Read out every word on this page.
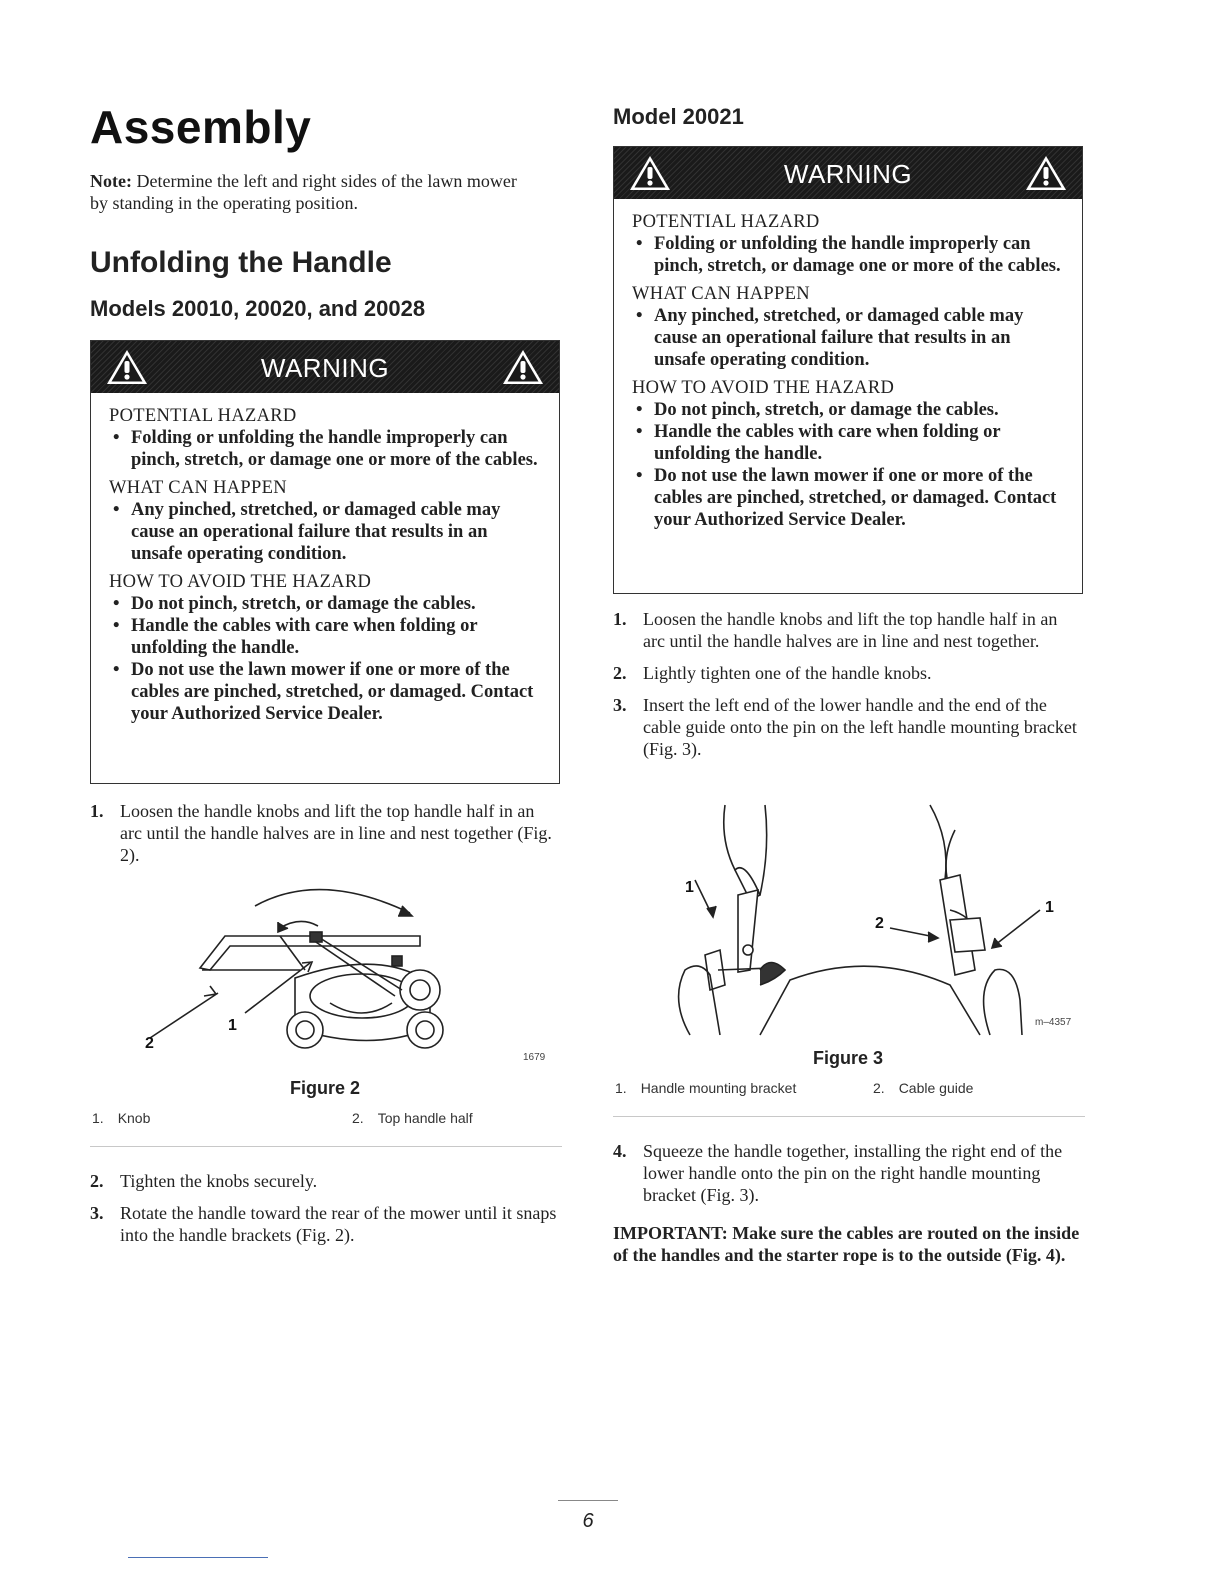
Assembly
Note: Determine the left and right sides of the lawn mower by standing in the operating position.
Unfolding the Handle
Models 20010, 20020, and 20028
WARNING
POTENTIAL HAZARD
• Folding or unfolding the handle improperly can pinch, stretch, or damage one or more of the cables.
WHAT CAN HAPPEN
• Any pinched, stretched, or damaged cable may cause an operational failure that results in an unsafe operating condition.
HOW TO AVOID THE HAZARD
• Do not pinch, stretch, or damage the cables.
• Handle the cables with care when folding or unfolding the handle.
• Do not use the lawn mower if one or more of the cables are pinched, stretched, or damaged. Contact your Authorized Service Dealer.
1. Loosen the handle knobs and lift the top handle half in an arc until the handle halves are in line and nest together (Fig. 2).
2
1
1679
Figure 2
1. Knob	2. Top handle half
2. Tighten the knobs securely.
3. Rotate the handle toward the rear of the mower until it snaps into the handle brackets (Fig. 2).
Model 20021
WARNING
POTENTIAL HAZARD
• Folding or unfolding the handle improperly can pinch, stretch, or damage one or more of the cables.
WHAT CAN HAPPEN
• Any pinched, stretched, or damaged cable may cause an operational failure that results in an unsafe operating condition.
HOW TO AVOID THE HAZARD
• Do not pinch, stretch, or damage the cables.
• Handle the cables with care when folding or unfolding the handle.
• Do not use the lawn mower if one or more of the cables are pinched, stretched, or damaged. Contact your Authorized Service Dealer.
1. Loosen the handle knobs and lift the top handle half in an arc until the handle halves are in line and nest together.
2. Lightly tighten one of the handle knobs.
3. Insert the left end of the lower handle and the end of the cable guide onto the pin on the left handle mounting bracket (Fig. 3).
1
2
1
m–4357
Figure 3
1. Handle mounting bracket	2. Cable guide
4. Squeeze the handle together, installing the right end of the lower handle onto the pin on the right handle mounting bracket (Fig. 3).
IMPORTANT: Make sure the cables are routed on the inside of the handles and the starter rope is to the outside (Fig. 4).
6
